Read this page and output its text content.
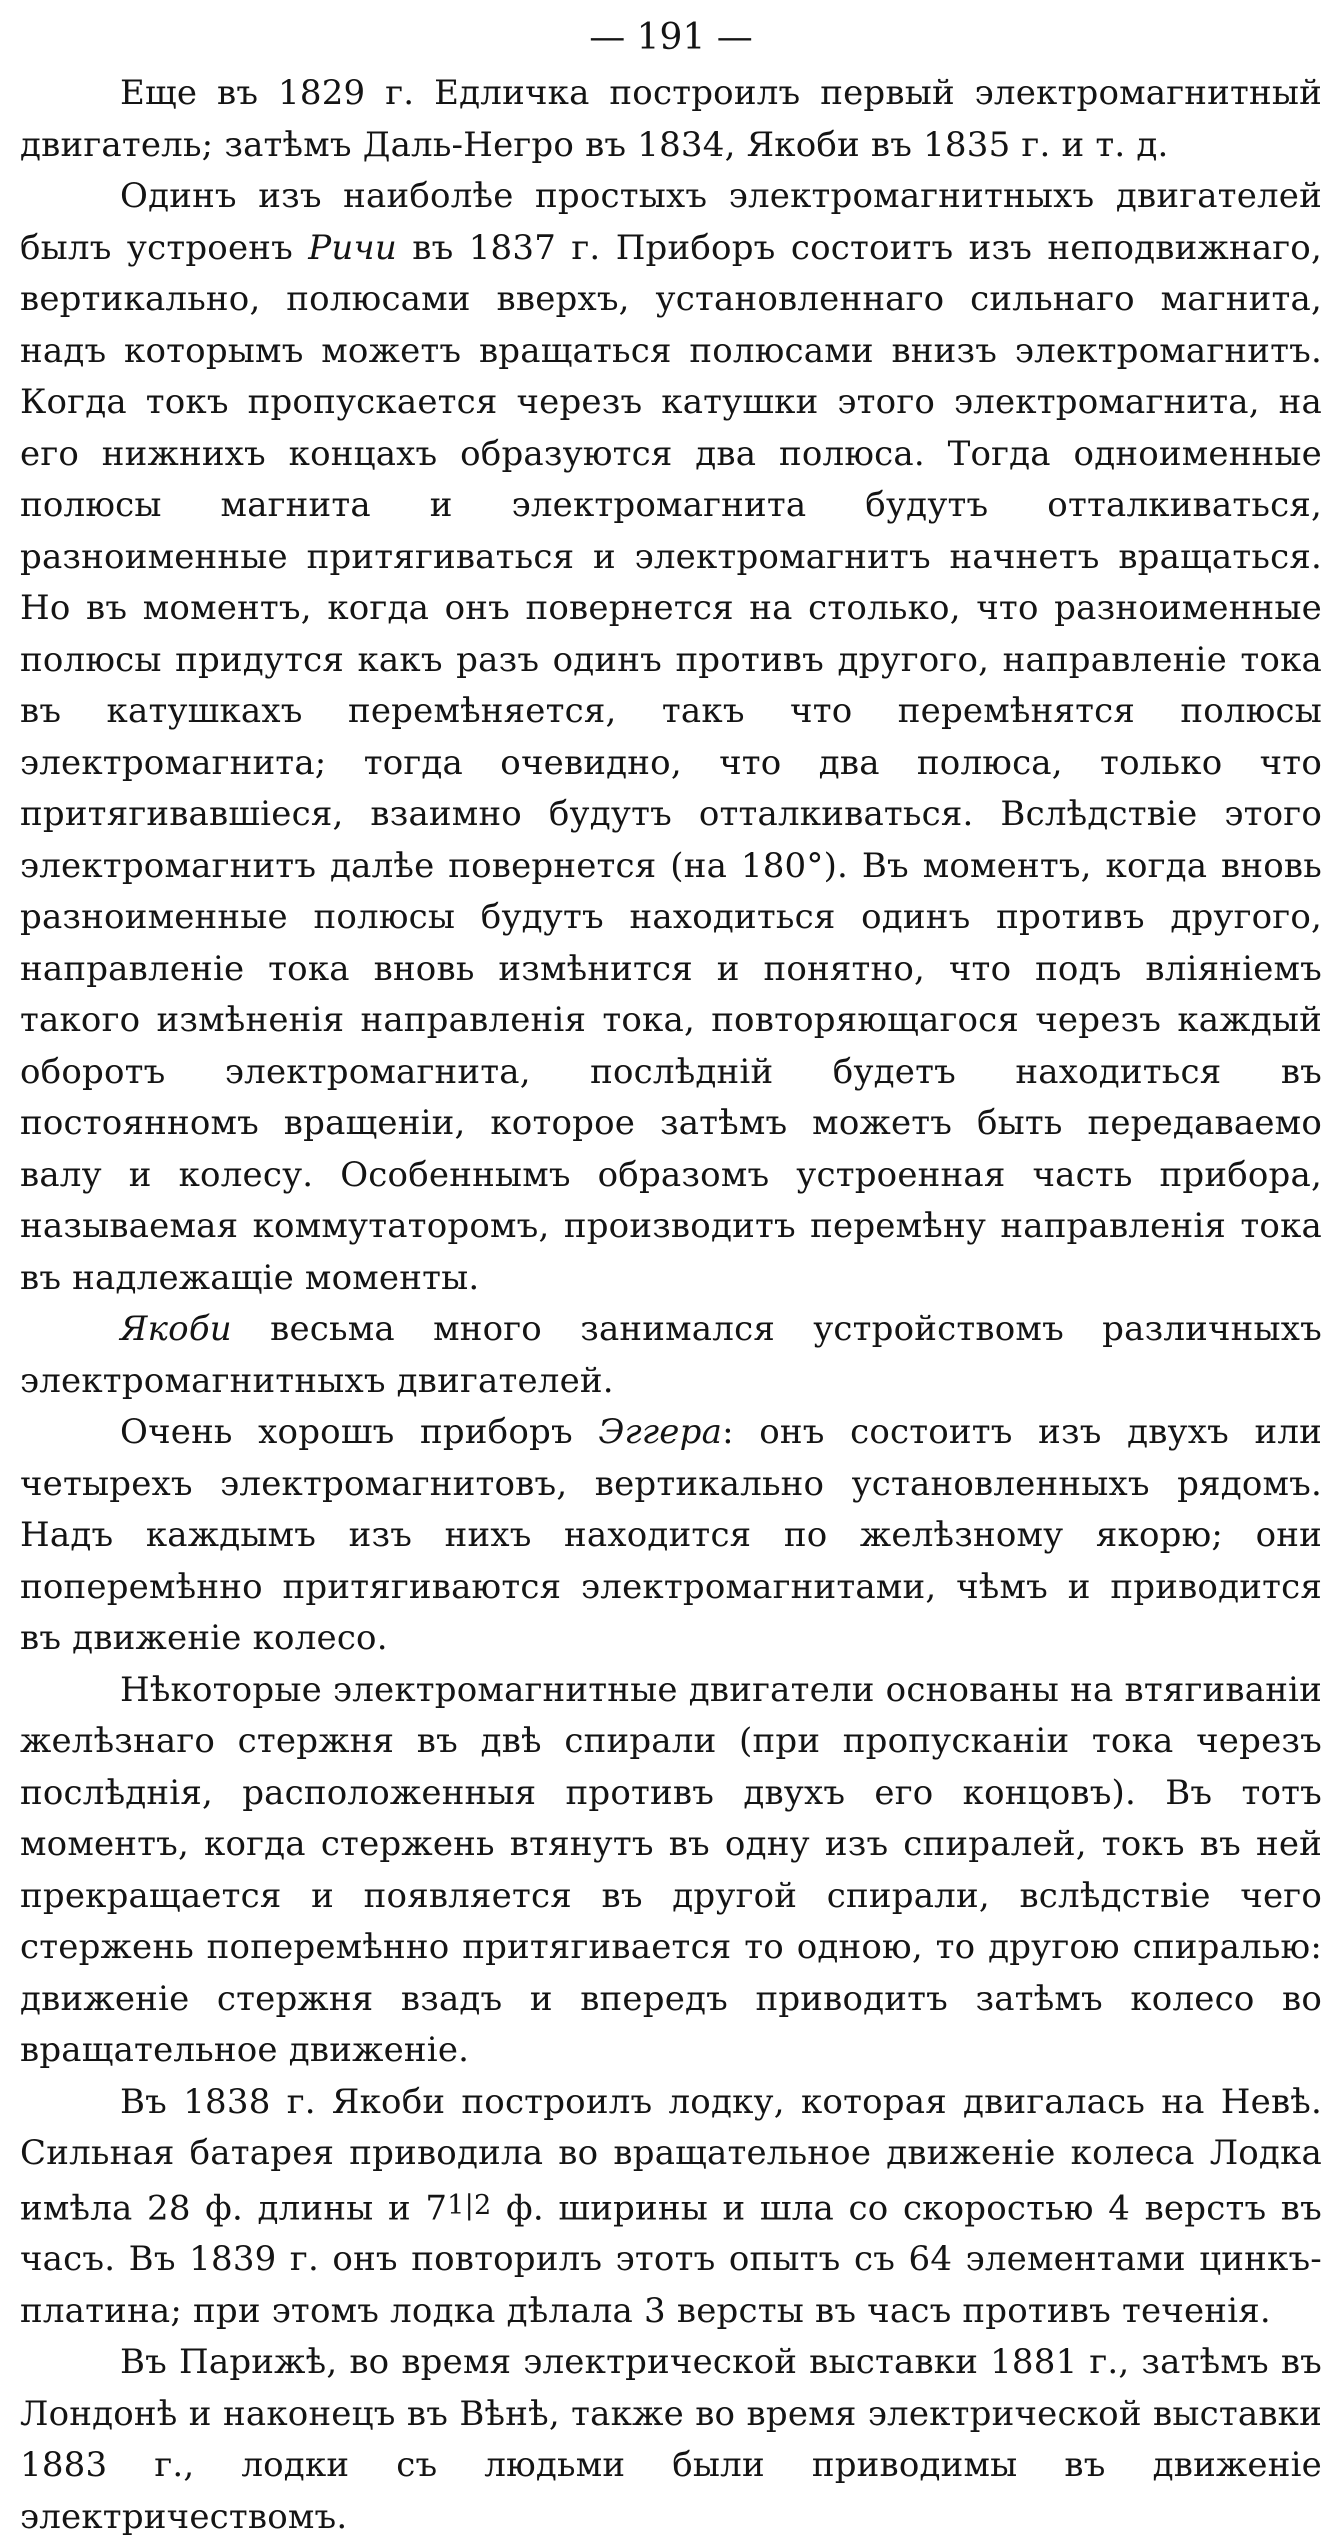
— 191 —

Еще въ 1829 г. Едличка построилъ первый электромагнитный двигатель; затѣмъ Даль-Негро въ 1834, Якоби въ 1835 г. и т. д.

Одинъ изъ наиболѣе простыхъ электромагнитныхъ двигателей былъ устроенъ Ричи въ 1837 г. Приборъ состоитъ изъ неподвижнаго, вертикально, полюсами вверхъ, установленнаго сильнаго магнита, надъ которымъ можетъ вращаться полюсами внизъ электромагнитъ. Когда токъ пропускается черезъ катушки этого электромагнита, на его нижнихъ концахъ образуются два полюса. Тогда одноименные полюсы магнита и электромагнита будутъ отталкиваться, разноименные притягиваться и электромагнитъ начнетъ вращаться. Но въ моментъ, когда онъ повернется на столько, что разноименные полюсы придутся какъ разъ одинъ противъ другого, направленіе тока въ катушкахъ перемѣняется, такъ что перемѣнятся полюсы электромагнита; тогда очевидно, что два полюса, только что притягивавшіеся, взаимно будутъ отталкиваться. Вслѣдствіе этого электромагнитъ далѣе повернется (на 180°). Въ моментъ, когда вновь разноименные полюсы будутъ находиться одинъ противъ другого, направленіе тока вновь измѣнится и понятно, что подъ вліяніемъ такого измѣненія направленія тока, повторяющагося черезъ каждый оборотъ электромагнита, послѣдній будетъ находиться въ постоянномъ вращеніи, которое затѣмъ можетъ быть передаваемо валу и колесу. Особеннымъ образомъ устроенная часть прибора, называемая коммутаторомъ, производитъ перемѣну направленія тока въ надлежащіе моменты.

Якоби весьма много занимался устройствомъ различныхъ электромагнитныхъ двигателей.

Очень хорошъ приборъ Эггера: онъ состоитъ изъ двухъ или четырехъ электромагнитовъ, вертикально установленныхъ рядомъ. Надъ каждымъ изъ нихъ находится по желѣзному якорю; они поперемѣнно притягиваются электромагнитами, чѣмъ и приводится въ движеніе колесо.

Нѣкоторые электромагнитные двигатели основаны на втягиваніи желѣзнаго стержня въ двѣ спирали (при пропусканіи тока черезъ послѣднія, расположенныя противъ двухъ его концовъ). Въ тотъ моментъ, когда стержень втянутъ въ одну изъ спиралей, токъ въ ней прекращается и появляется въ другой спирали, вслѣдствіе чего стержень поперемѣнно притягивается то одною, то другою спиралью: движеніе стержня взадъ и впередъ приводитъ затѣмъ колесо во вращательное движеніе.

Въ 1838 г. Якоби построилъ лодку, которая двигалась на Невѣ. Сильная батарея приводила во вращательное движеніе колеса Лодка имѣла 28 ф. длины и 71|2 ф. ширины и шла со скоростью 4 верстъ въ часъ. Въ 1839 г. онъ повторилъ этотъ опытъ съ 64 элементами цинкъ-платина; при этомъ лодка дѣлала 3 версты въ часъ противъ теченія.

Въ Парижѣ, во время электрической выставки 1881 г., затѣмъ въ Лондонѣ и наконецъ въ Вѣнѣ, также во время электрической выставки 1883 г., лодки съ людьми были приводимы въ движеніе электричествомъ.
